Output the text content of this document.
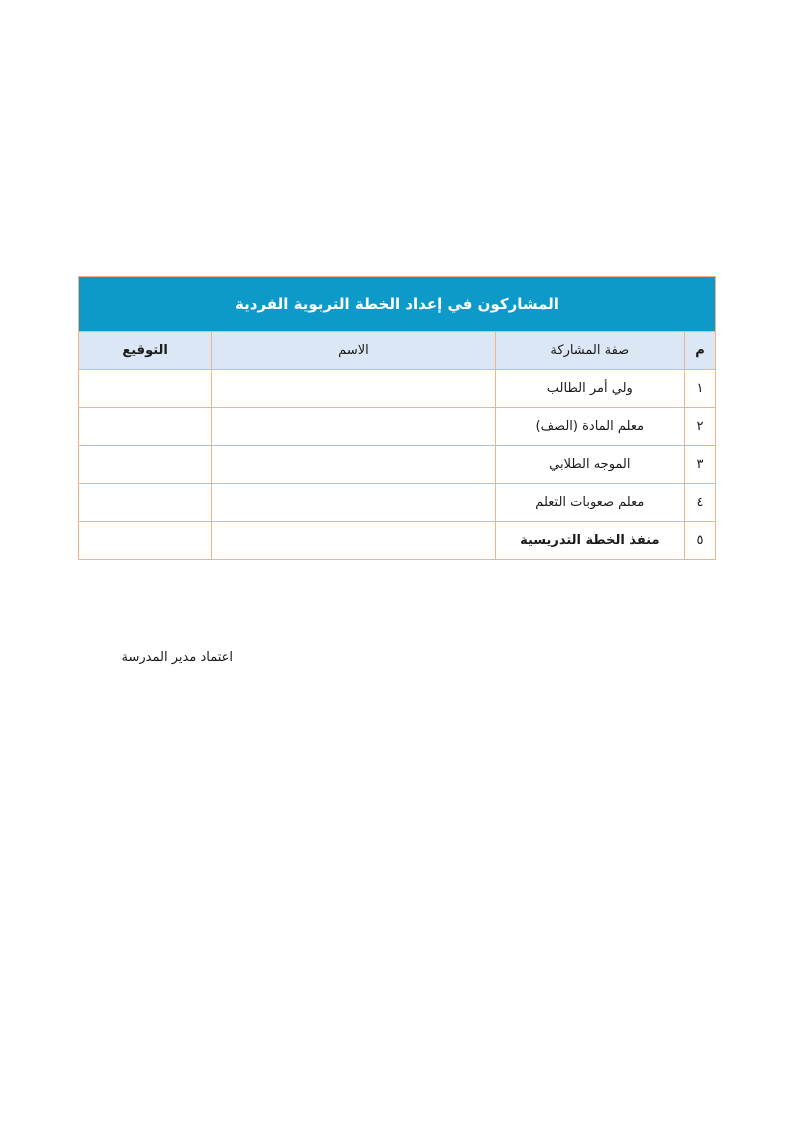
المشاركون في إعداد الخطة التربوية الفردية			
م	صفة المشاركة	الاسم	التوقيع
١	ولي أمر الطالب		
٢	معلم المادة (الصف)		
٣	الموجه الطلابي		
٤	معلم صعوبات التعلم		
٥	منفذ الخطة التدريسية		
اعتماد مدير المدرسة
